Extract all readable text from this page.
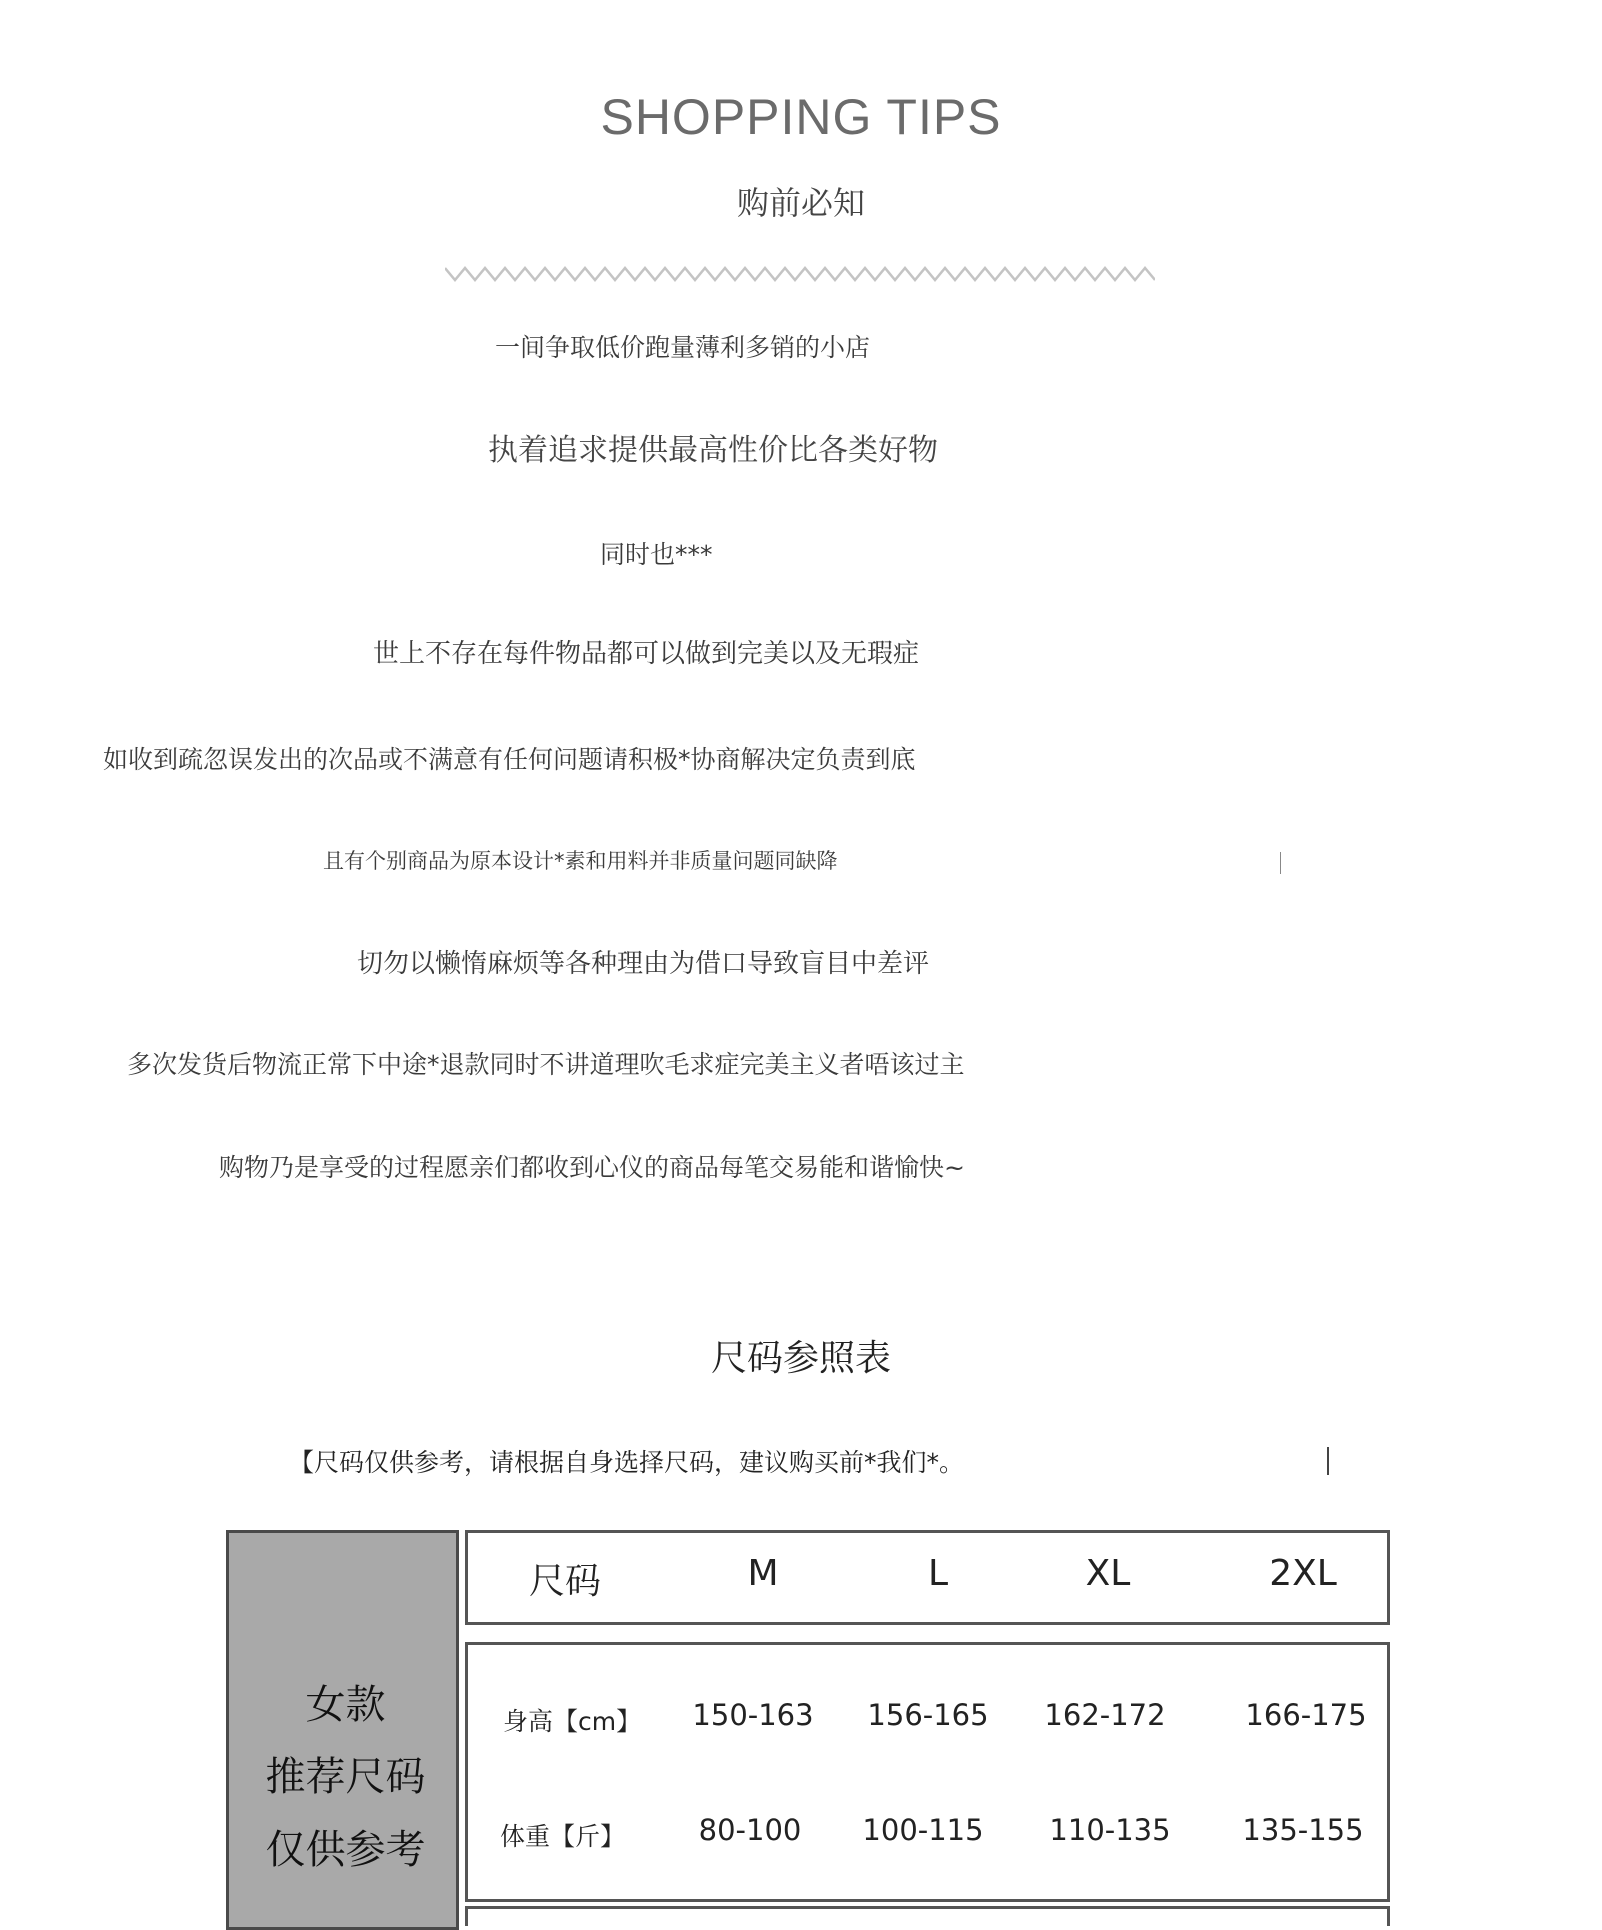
SHOPPING TIPS
购前必知
一间争取低价跑量薄利多销的小店
执着追求提供最高性价比各类好物
同时也***
世上不存在每件物品都可以做到完美以及无瑕症
如收到疏忽误发出的次品或不满意有任何问题请积极*协商解决定负责到底
且有个别商品为原本设计*素和用料并非质量问题同缺降
切勿以懒惰麻烦等各种理由为借口导致盲目中差评
多次发货后物流正常下中途*退款同时不讲道理吹毛求症完美主义者唔该过主
购物乃是享受的过程愿亲们都收到心仪的商品每笔交易能和谐愉快~
尺码参照表
【尺码仅供参考，请根据自身选择尺码，建议购买前*我们*。
女款
推荐尺码
仅供参考
尺码	M	L	XL	2XL
身高【cm】 150-163 156-165 162-172	166-175
体重【斤】	80-100 100-115 110-135 135-155
